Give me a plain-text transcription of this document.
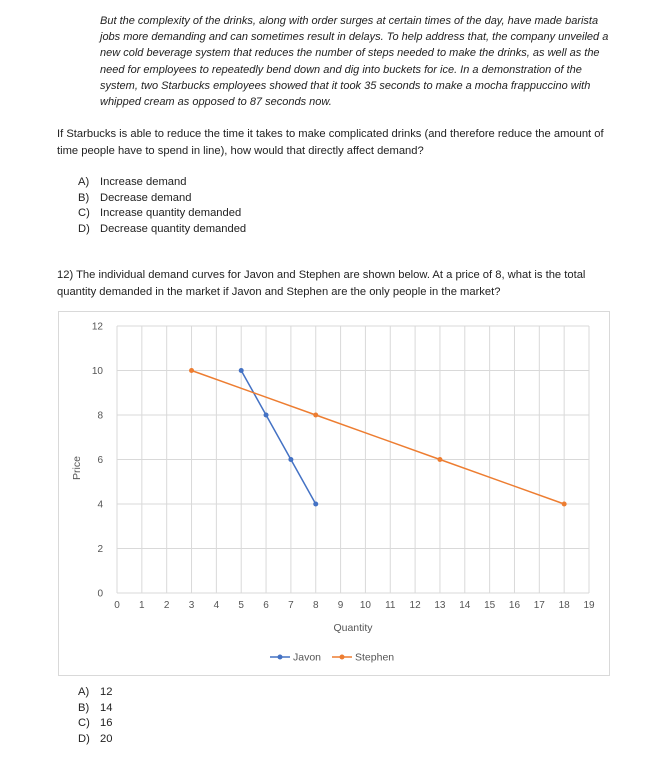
But the complexity of the drinks, along with order surges at certain times of the day, have made barista jobs more demanding and can sometimes result in delays. To help address that, the company unveiled a new cold beverage system that reduces the number of steps needed to make the drinks, as well as the need for employees to repeatedly bend down and dig into buckets for ice. In a demonstration of the system, two Starbucks employees showed that it took 35 seconds to make a mocha frappuccino with whipped cream as opposed to 87 seconds now.
If Starbucks is able to reduce the time it takes to make complicated drinks (and therefore reduce the amount of time people have to spend in line), how would that directly affect demand?
A) Increase demand
B) Decrease demand
C) Increase quantity demanded
D) Decrease quantity demanded
12) The individual demand curves for Javon and Stephen are shown below. At a price of 8, what is the total quantity demanded in the market if Javon and Stephen are the only people in the market?
0
2
4
6
8
10
12
0 1 2 3 4 5 6 7 8 9 10 11 12 13 14 15 16 17 18 19
Price
Quantity
Javon	Stephen
A) 12
B) 14
C) 16
D) 20
